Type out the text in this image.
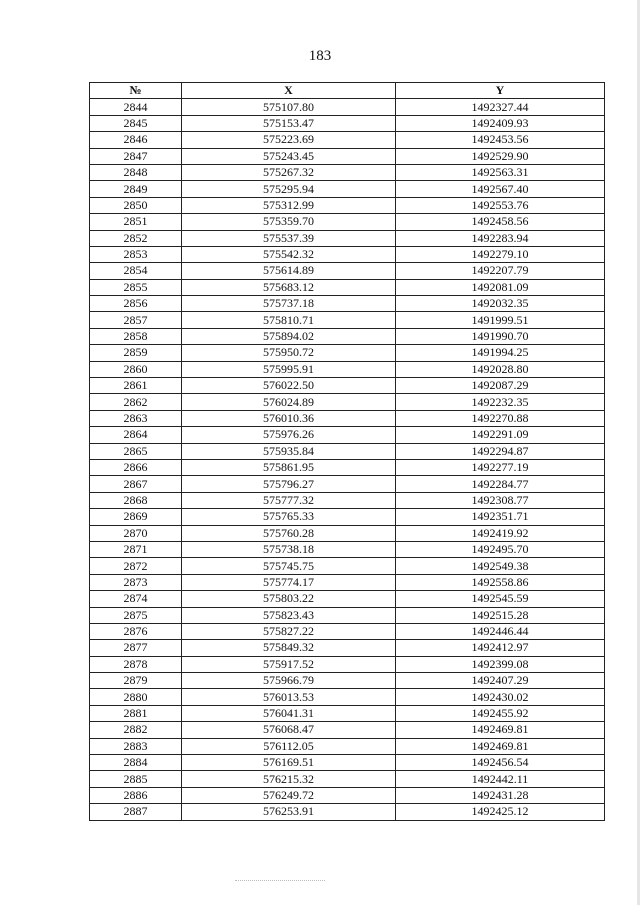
183
№	X	Y
2844	575107.80	1492327.44
2845	575153.47	1492409.93
2846	575223.69	1492453.56
2847	575243.45	1492529.90
2848	575267.32	1492563.31
2849	575295.94	1492567.40
2850	575312.99	1492553.76
2851	575359.70	1492458.56
2852	575537.39	1492283.94
2853	575542.32	1492279.10
2854	575614.89	1492207.79
2855	575683.12	1492081.09
2856	575737.18	1492032.35
2857	575810.71	1491999.51
2858	575894.02	1491990.70
2859	575950.72	1491994.25
2860	575995.91	1492028.80
2861	576022.50	1492087.29
2862	576024.89	1492232.35
2863	576010.36	1492270.88
2864	575976.26	1492291.09
2865	575935.84	1492294.87
2866	575861.95	1492277.19
2867	575796.27	1492284.77
2868	575777.32	1492308.77
2869	575765.33	1492351.71
2870	575760.28	1492419.92
2871	575738.18	1492495.70
2872	575745.75	1492549.38
2873	575774.17	1492558.86
2874	575803.22	1492545.59
2875	575823.43	1492515.28
2876	575827.22	1492446.44
2877	575849.32	1492412.97
2878	575917.52	1492399.08
2879	575966.79	1492407.29
2880	576013.53	1492430.02
2881	576041.31	1492455.92
2882	576068.47	1492469.81
2883	576112.05	1492469.81
2884	576169.51	1492456.54
2885	576215.32	1492442.11
2886	576249.72	1492431.28
2887	576253.91	1492425.12
